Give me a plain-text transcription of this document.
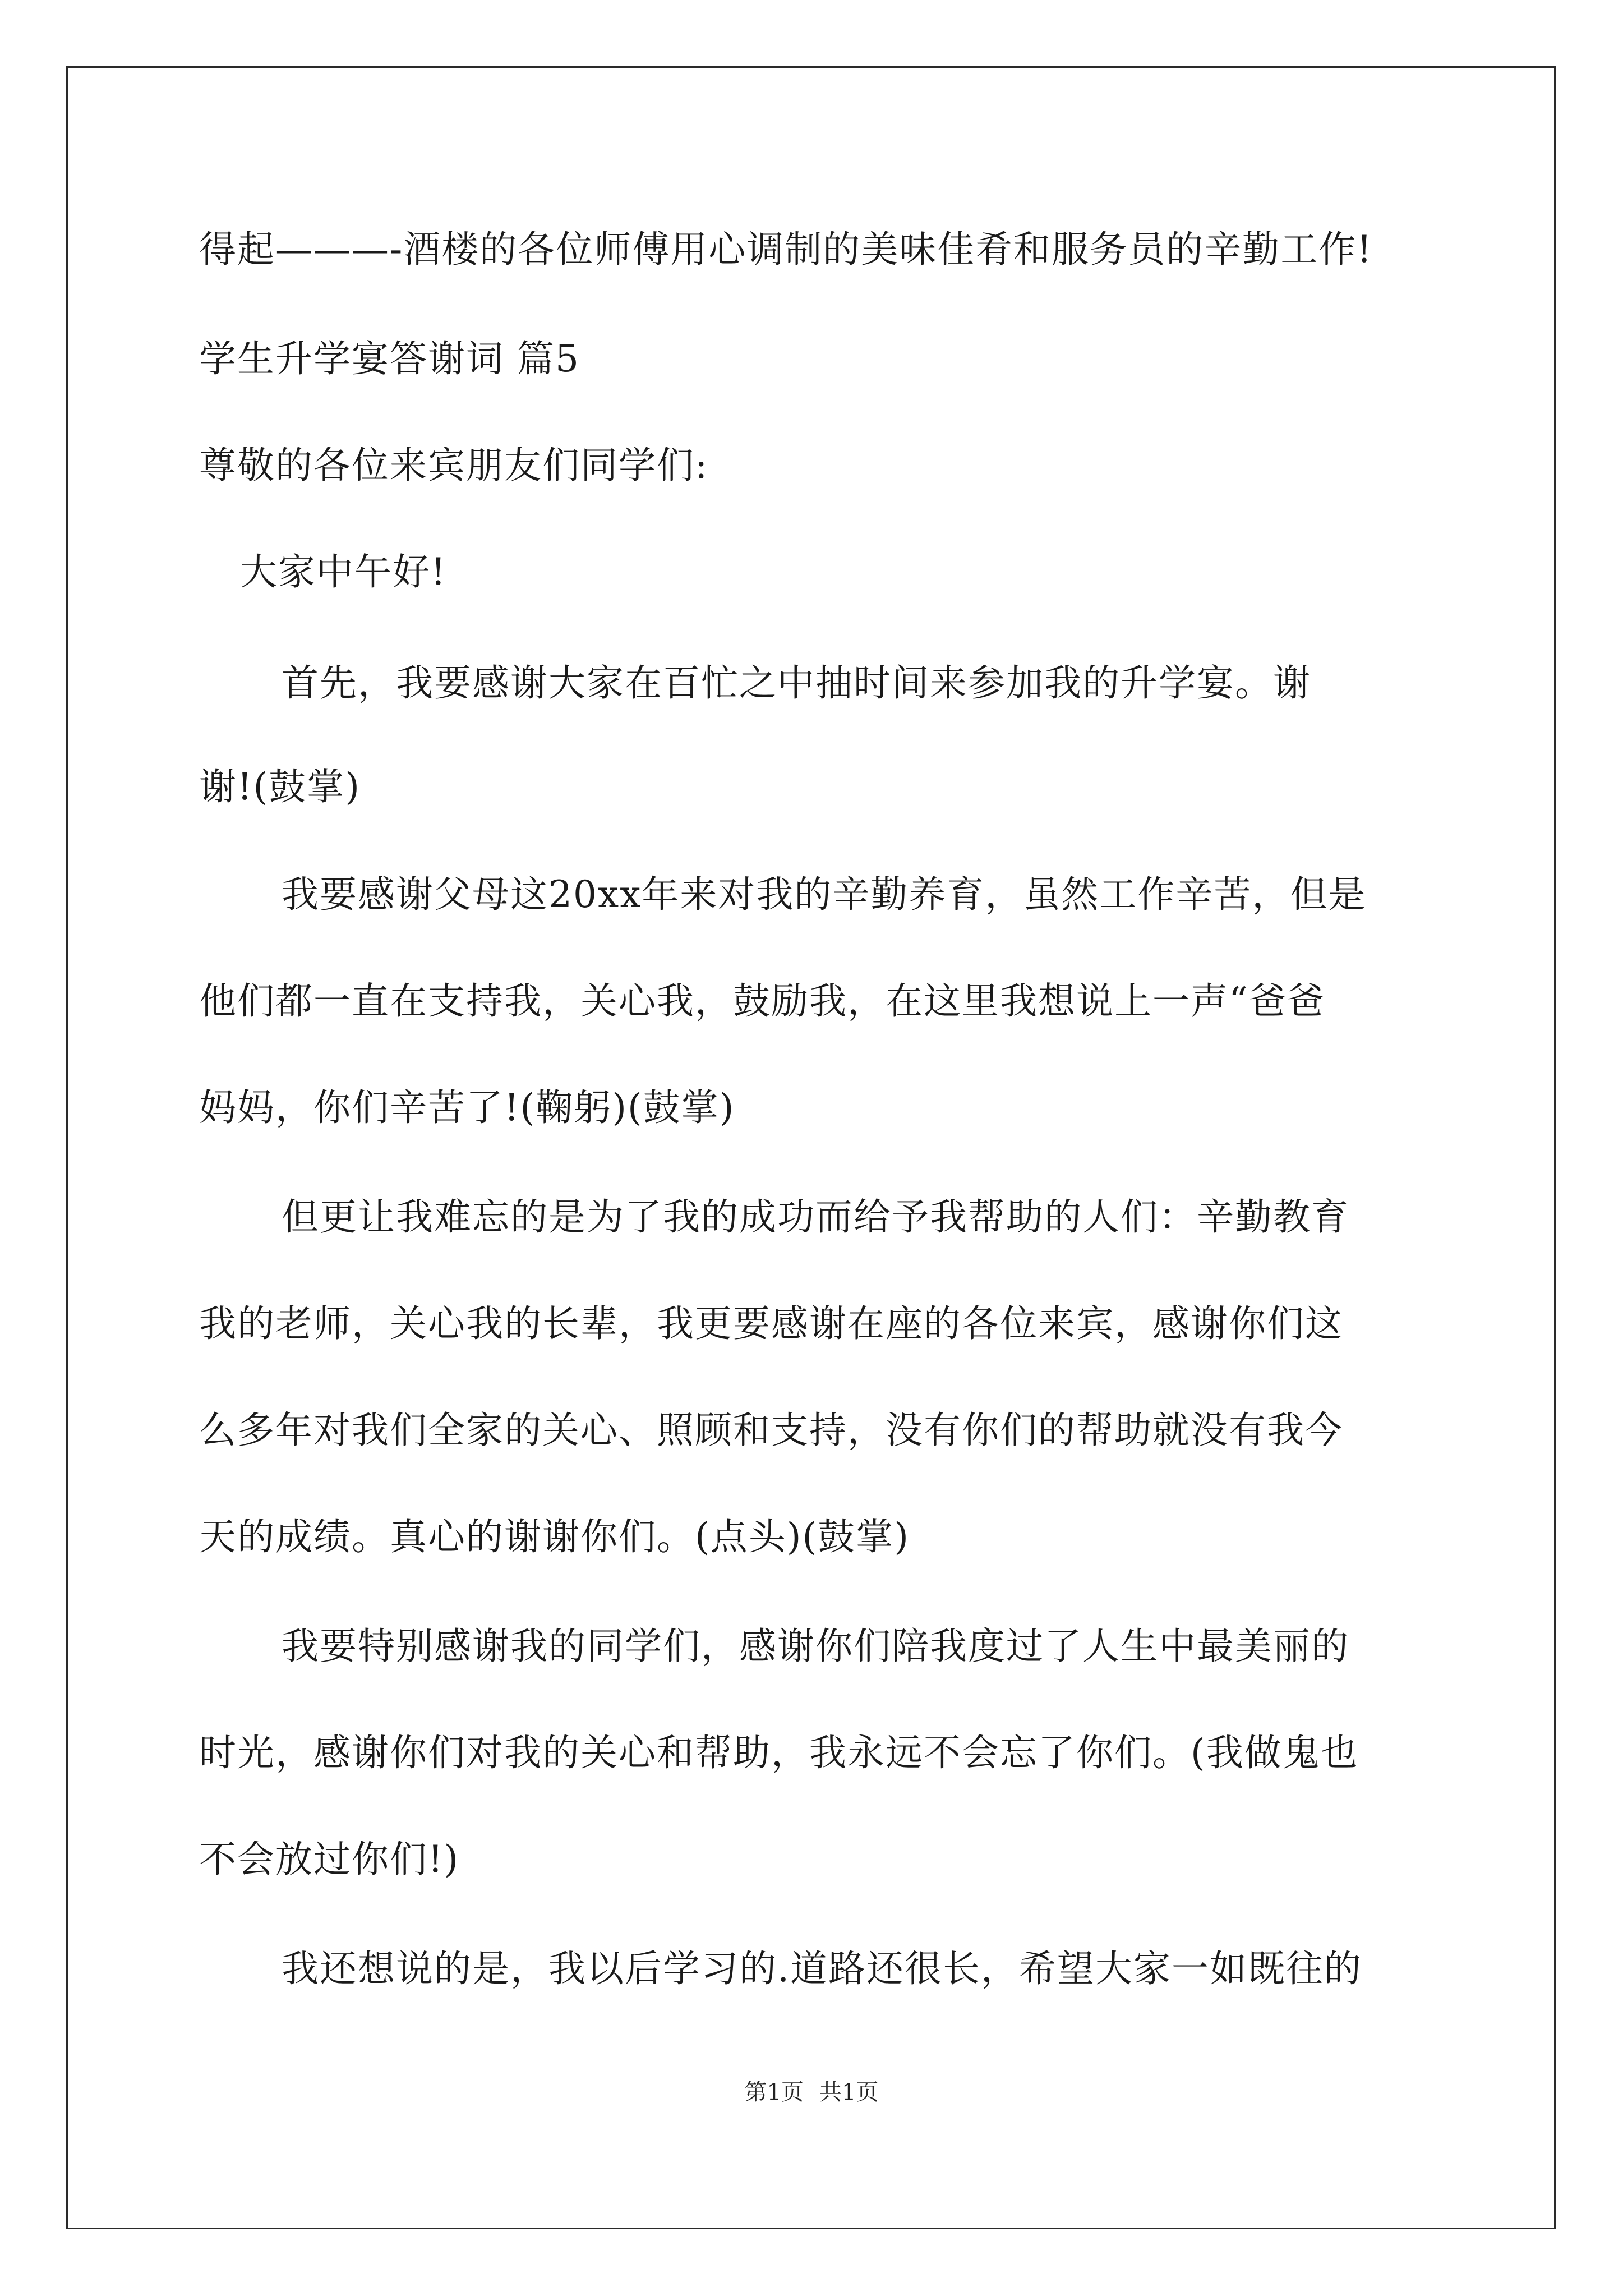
得起———-酒楼的各位师傅用心调制的美味佳肴和服务员的辛勤工作!
学生升学宴答谢词 篇5
尊敬的各位来宾朋友们同学们:
大家中午好!
首先，我要感谢大家在百忙之中抽时间来参加我的升学宴。谢
谢!(鼓掌)
我要感谢父母这20xx年来对我的辛勤养育，虽然工作辛苦，但是
他们都一直在支持我，关心我，鼓励我，在这里我想说上一声“爸爸
妈妈，你们辛苦了!(鞠躬)(鼓掌)
但更让我难忘的是为了我的成功而给予我帮助的人们：辛勤教育
我的老师，关心我的长辈，我更要感谢在座的各位来宾，感谢你们这
么多年对我们全家的关心、照顾和支持，没有你们的帮助就没有我今
天的成绩。真心的谢谢你们。(点头)(鼓掌)
我要特别感谢我的同学们，感谢你们陪我度过了人生中最美丽的
时光，感谢你们对我的关心和帮助，我永远不会忘了你们。(我做鬼也
不会放过你们!)
我还想说的是，我以后学习的.道路还很长，希望大家一如既往的
第1页 共1页
